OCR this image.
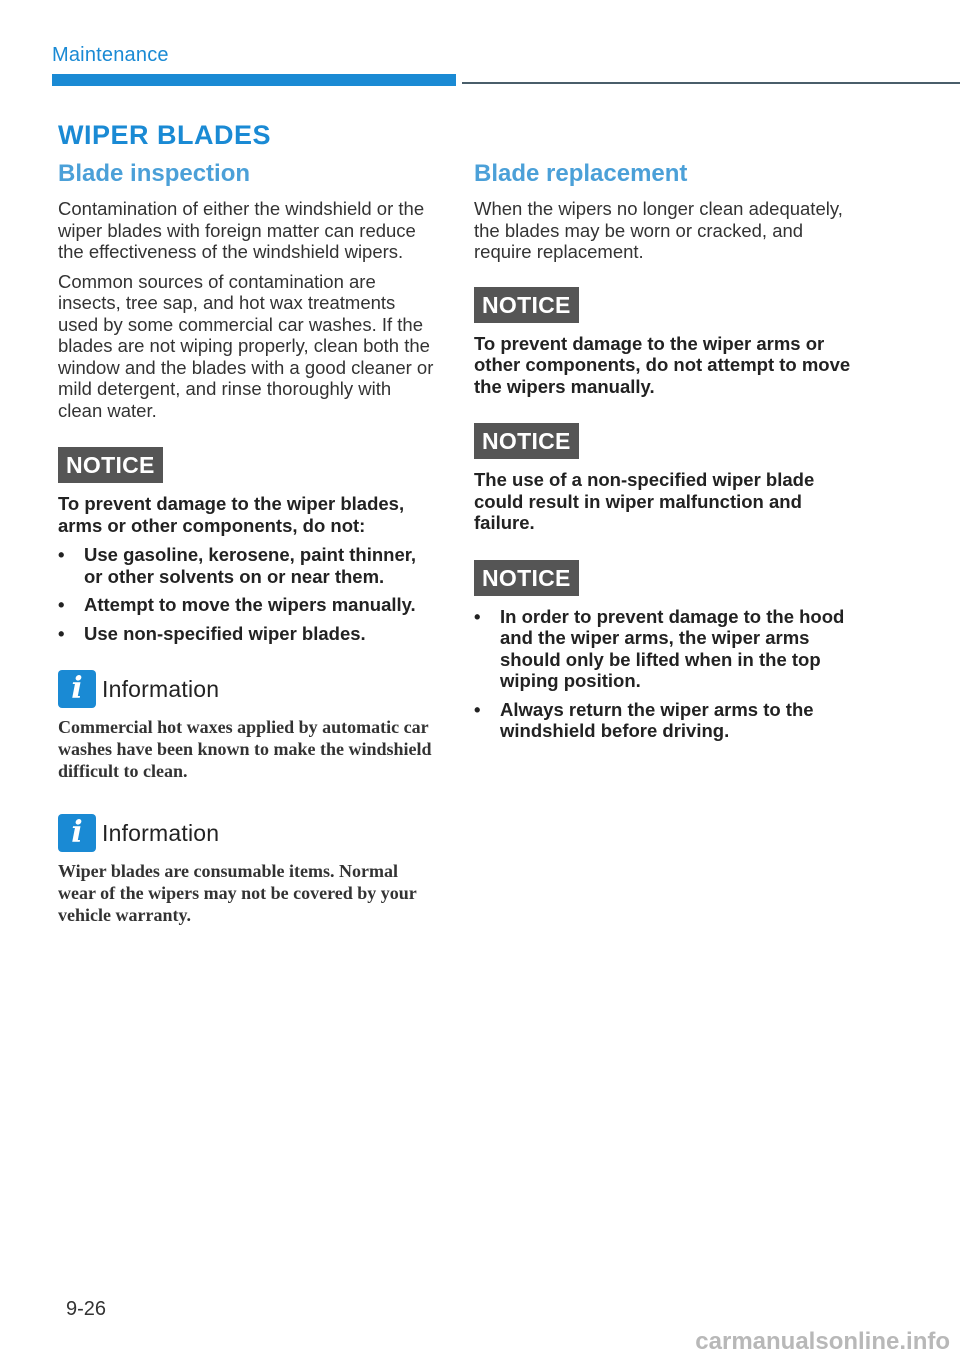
Maintenance
WIPER BLADES
Blade inspection

Contamination of either the windshield or the wiper blades with foreign matter can reduce the effectiveness of the windshield wipers.

Common sources of contamination are insects, tree sap, and hot wax treatments used by some commercial car washes. If the blades are not wiping properly, clean both the window and the blades with a good cleaner or mild detergent, and rinse thoroughly with clean water.

NOTICE

To prevent damage to the wiper blades, arms or other components, do not:

•	Use gasoline, kerosene, paint thinner, or other solvents on or near them.
•	Attempt to move the wipers manually.
•	Use non-specified wiper blades.
i Information

Commercial hot waxes applied by automatic car washes have been known to make the windshield difficult to clean.

i Information

Wiper blades are consumable items. Normal wear of the wipers may not be covered by your vehicle warranty.

Blade replacement

When the wipers no longer clean adequately, the blades may be worn or cracked, and require replacement.

NOTICE

To prevent damage to the wiper arms or other components, do not attempt to move the wipers manually.

NOTICE

The use of a non-specified wiper blade could result in wiper malfunction and failure.

NOTICE
•	In order to prevent damage to the hood and the wiper arms, the wiper arms should only be lifted when in the top wiping position.
•	Always return the wiper arms to the windshield before driving.
9-26
carmanualsonline.info
